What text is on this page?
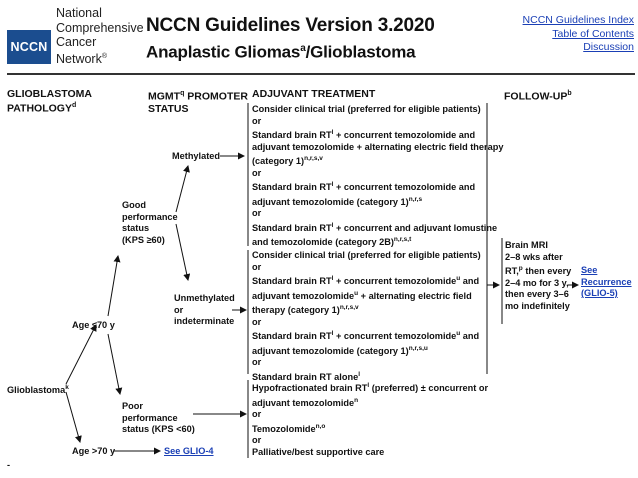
NCCN
National
Comprehensive
Cancer
Network®
NCCN Guidelines Version 3.2020
Anaplastic Gliomas$^a$/Glioblastoma
NCCN Guidelines Index
Table of Contents
Discussion
GLIOBLASTOMA
PATHOLOGY$^d$
MGMT$^q$ PROMOTER
STATUS
ADJUVANT TREATMENT	FOLLOW-$UP^b$
Glioblastoma$^k$
Age ≤70 y
Age >70 y	See GLIO-4
Good
performance
status
(KPS ≥60)
Poor
performance
status (KPS <60)
Methylated
Unmethylated
or
indeterminate
Consider clinical trial (preferred for eligible patients)
or
Standard brain $RT^l$ + concurrent temozolomide and
adjuvant temozolomide + alternating electric field therapy
(category 1)$^{n,r,s,v}$
or
Standard brain $RT^l$ + concurrent temozolomide and
adjuvant temozolomide (category 1)$^{n,r,s}$
or
Standard brain $RT^l$ + concurrent and adjuvant lomustine
and temozolomide (category 2B)$^{n,r,s,t}$
Consider clinical trial (preferred for eligible patients)
or
Standard brain $RT^l$ + concurrent temozolomide$^u$ and
adjuvant temozolomide$^u$ + alternating electric field
therapy (category 1)$^{n,r,s,v}$
or
Standard brain $RT^l$ + concurrent temozolomide$^u$ and
adjuvant temozolomide (category 1)$^{n,r,s,u}$
or
Standard brain RT alone$^l$
Hypofractionated brain $RT^l$ (preferred) ± concurrent or
adjuvant temozolomide$^n$
or
Temozolomide$^{n,o}$
or
Palliative/best supportive care
Brain MRI
2–8 wks after
RT,$^p$ then every
2–4 mo for 3 y,
then every 3–6
mo indefinitely
See
Recurrence
(GLIO-5)
-
